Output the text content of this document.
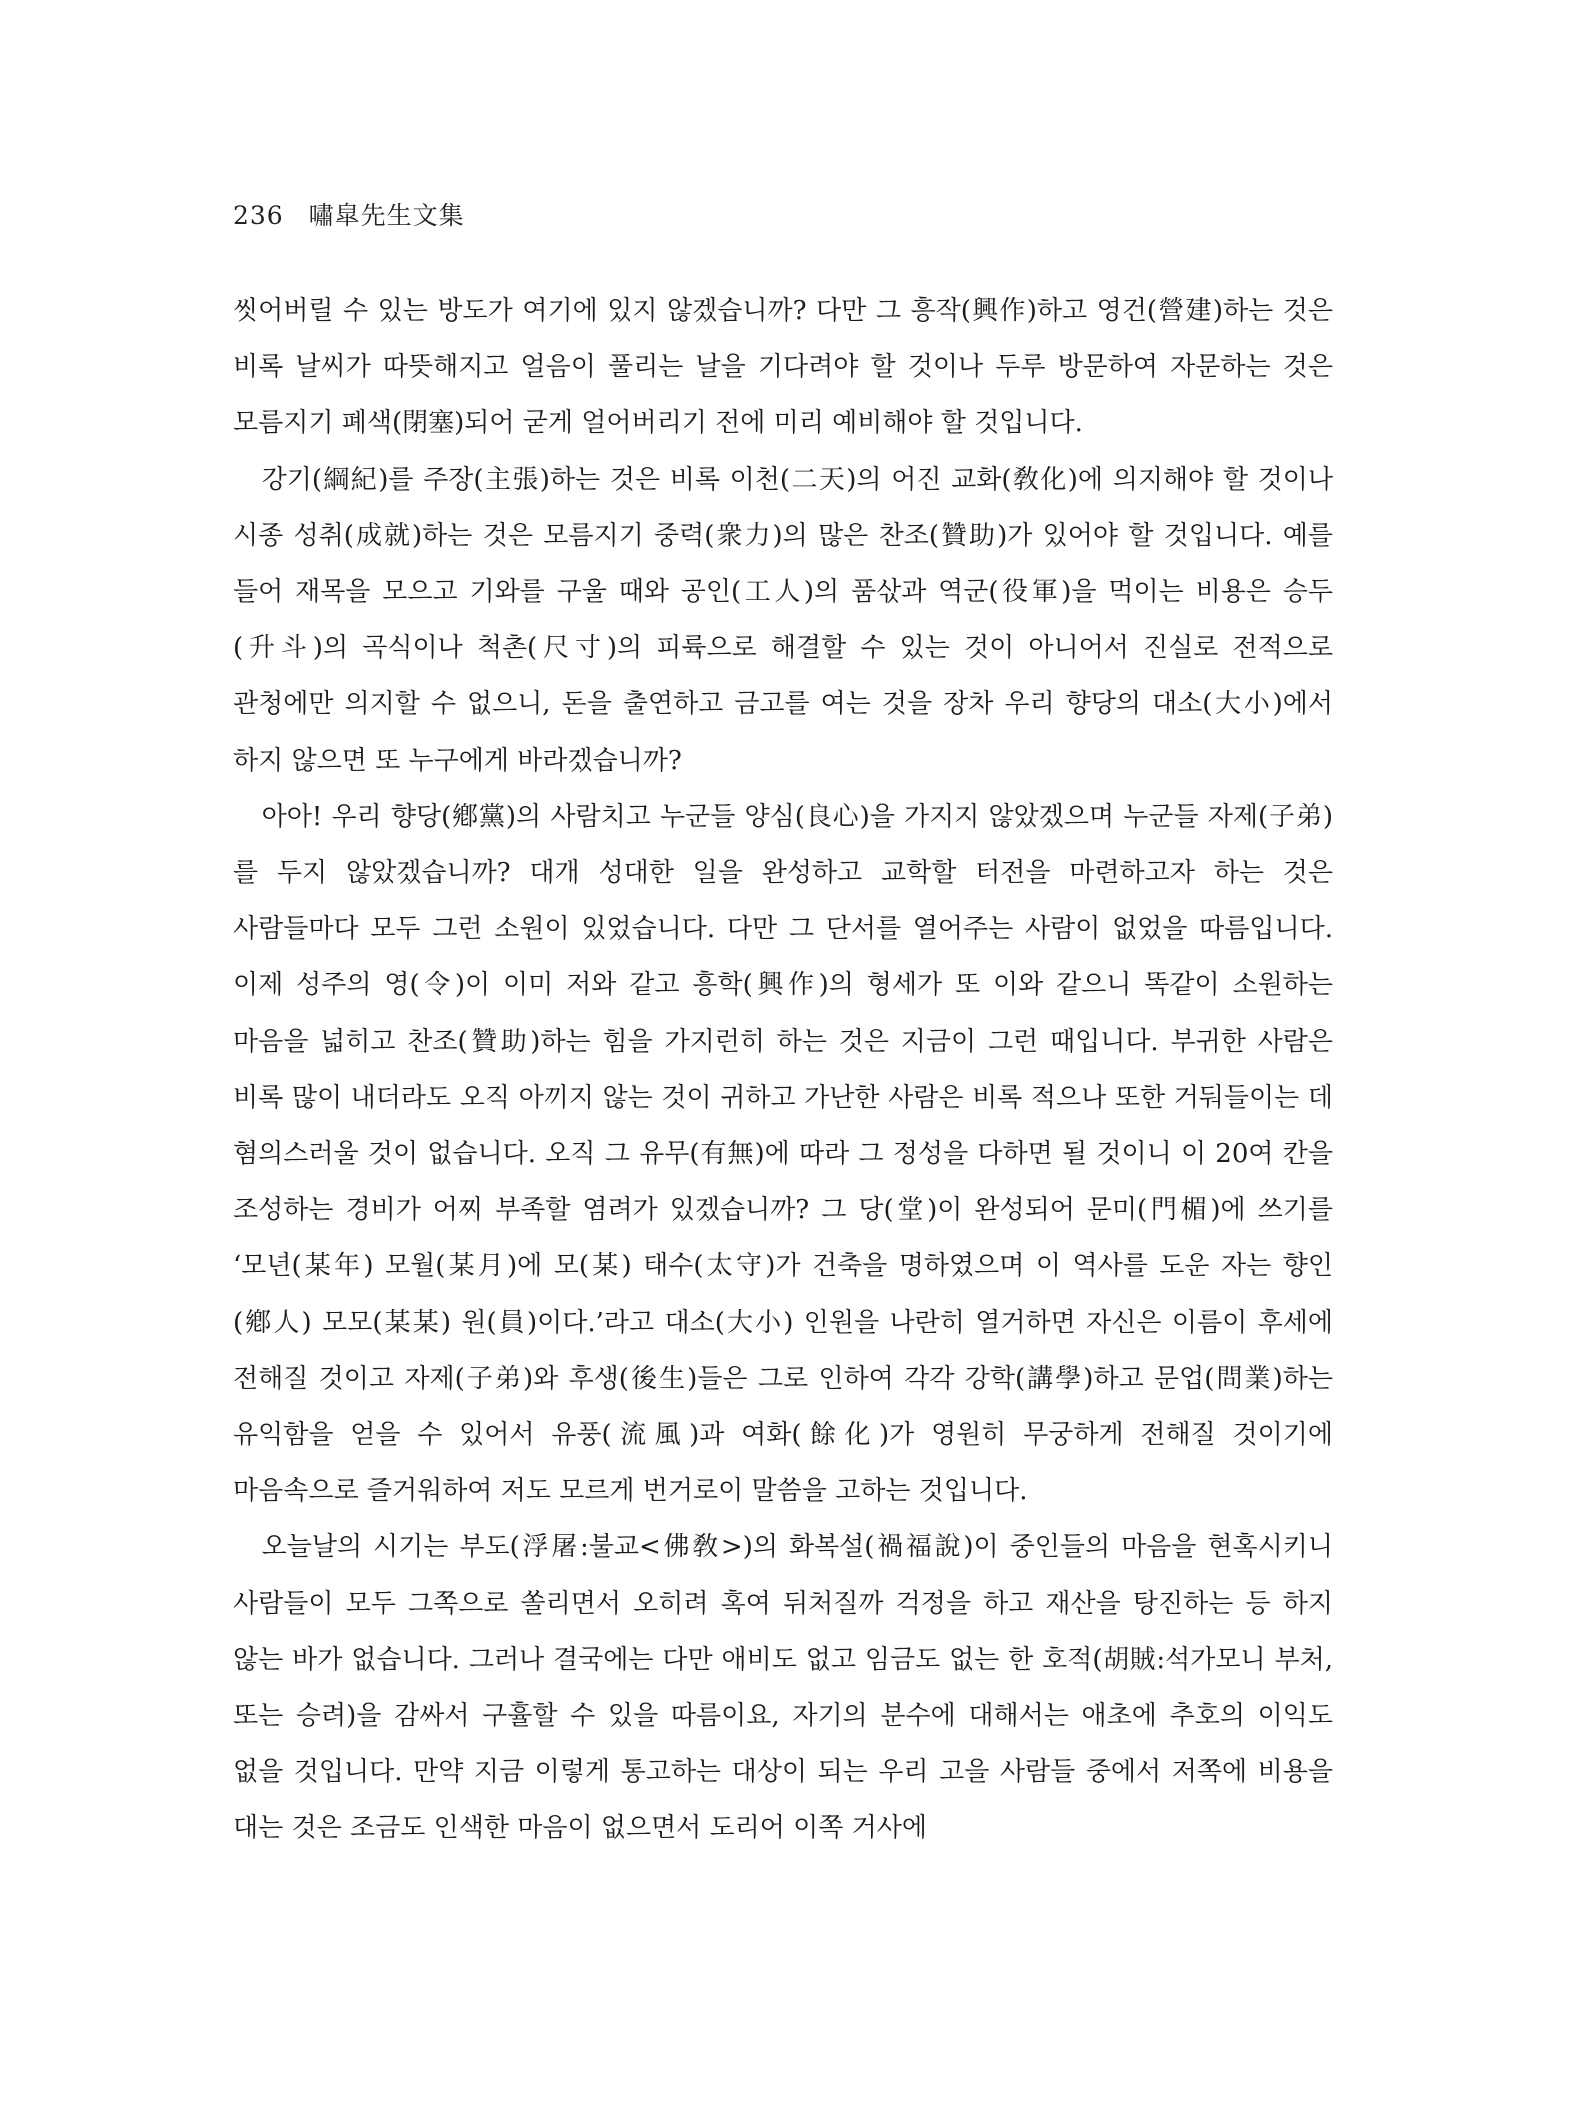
236 嘯皐先生文集

씻어버릴 수 있는 방도가 여기에 있지 않겠습니까? 다만 그 흥작(興作)하고 영건(營建)하는 것은 비록 날씨가 따뜻해지고 얼음이 풀리는 날을 기다려야 할 것이나 두루 방문하여 자문하는 것은 모름지기 폐색(閉塞)되어 굳게 얼어버리기 전에 미리 예비해야 할 것입니다.

강기(綱紀)를 주장(主張)하는 것은 비록 이천(二天)의 어진 교화(敎化)에 의지해야 할 것이나 시종 성취(成就)하는 것은 모름지기 중력(衆力)의 많은 찬조(贊助)가 있어야 할 것입니다. 예를 들어 재목을 모으고 기와를 구울 때와 공인(工人)의 품삯과 역군(役軍)을 먹이는 비용은 승두(升斗)의 곡식이나 척촌(尺寸)의 피륙으로 해결할 수 있는 것이 아니어서 진실로 전적으로 관청에만 의지할 수 없으니, 돈을 출연하고 금고를 여는 것을 장차 우리 향당의 대소(大小)에서 하지 않으면 또 누구에게 바라겠습니까?

아아! 우리 향당(鄕黨)의 사람치고 누군들 양심(良心)을 가지지 않았겠으며 누군들 자제(子弟)를 두지 않았겠습니까? 대개 성대한 일을 완성하고 교학할 터전을 마련하고자 하는 것은 사람들마다 모두 그런 소원이 있었습니다. 다만 그 단서를 열어주는 사람이 없었을 따름입니다. 이제 성주의 영(令)이 이미 저와 같고 흥학(興作)의 형세가 또 이와 같으니 똑같이 소원하는 마음을 넓히고 찬조(贊助)하는 힘을 가지런히 하는 것은 지금이 그런 때입니다. 부귀한 사람은 비록 많이 내더라도 오직 아끼지 않는 것이 귀하고 가난한 사람은 비록 적으나 또한 거둬들이는 데 혐의스러울 것이 없습니다. 오직 그 유무(有無)에 따라 그 정성을 다하면 될 것이니 이 20여 칸을 조성하는 경비가 어찌 부족할 염려가 있겠습니까? 그 당(堂)이 완성되어 문미(門楣)에 쓰기를 ‘모년(某年) 모월(某月)에 모(某) 태수(太守)가 건축을 명하였으며 이 역사를 도운 자는 향인(鄕人) 모모(某某) 원(員)이다.’라고 대소(大小) 인원을 나란히 열거하면 자신은 이름이 후세에 전해질 것이고 자제(子弟)와 후생(後生)들은 그로 인하여 각각 강학(講學)하고 문업(問業)하는 유익함을 얻을 수 있어서 유풍(流風)과 여화(餘化)가 영원히 무궁하게 전해질 것이기에 마음속으로 즐거워하여 저도 모르게 번거로이 말씀을 고하는 것입니다.

오늘날의 시기는 부도(浮屠:불교<佛敎>)의 화복설(禍福說)이 중인들의 마음을 현혹시키니 사람들이 모두 그쪽으로 쏠리면서 오히려 혹여 뒤처질까 걱정을 하고 재산을 탕진하는 등 하지 않는 바가 없습니다. 그러나 결국에는 다만 애비도 없고 임금도 없는 한 호적(胡賊:석가모니 부처, 또는 승려)을 감싸서 구휼할 수 있을 따름이요, 자기의 분수에 대해서는 애초에 추호의 이익도 없을 것입니다. 만약 지금 이렇게 통고하는 대상이 되는 우리 고을 사람들 중에서 저쪽에 비용을 대는 것은 조금도 인색한 마음이 없으면서 도리어 이쪽 거사에
